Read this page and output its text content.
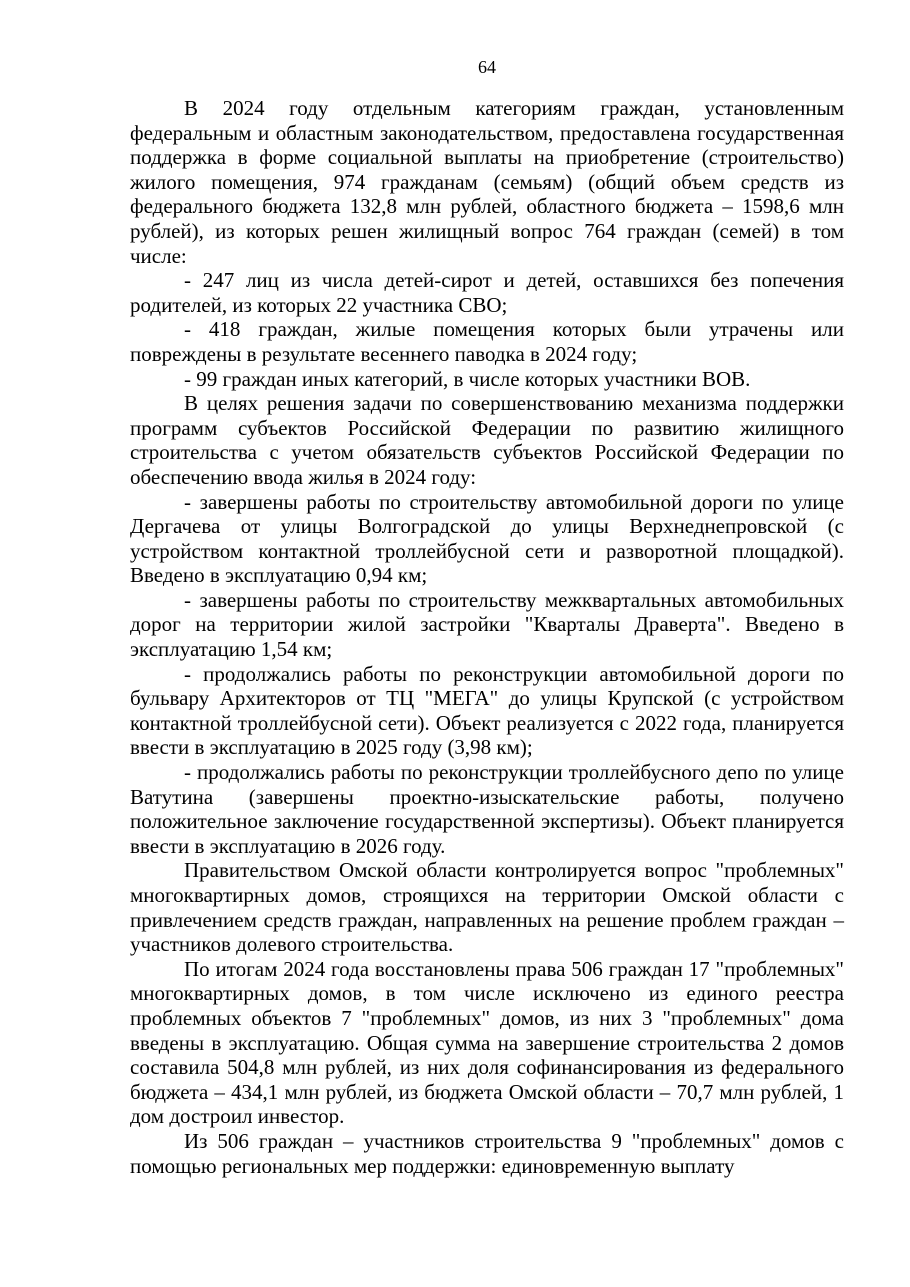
64

В 2024 году отдельным категориям граждан, установленным федеральным и областным законодательством, предоставлена государственная поддержка в форме социальной выплаты на приобретение (строительство) жилого помещения, 974 гражданам (семьям) (общий объем средств из федерального бюджета 132,8 млн рублей, областного бюджета – 1598,6 млн рублей), из которых решен жилищный вопрос 764 граждан (семей) в том числе:

- 247 лиц из числа детей-сирот и детей, оставшихся без попечения родителей, из которых 22 участника СВО;

- 418 граждан, жилые помещения которых были утрачены или повреждены в результате весеннего паводка в 2024 году;

- 99 граждан иных категорий, в числе которых участники ВОВ.

В целях решения задачи по совершенствованию механизма поддержки программ субъектов Российской Федерации по развитию жилищного строительства с учетом обязательств субъектов Российской Федерации по обеспечению ввода жилья в 2024 году:

- завершены работы по строительству автомобильной дороги по улице Дергачева от улицы Волгоградской до улицы Верхнеднепровской (с устройством контактной троллейбусной сети и разворотной площадкой). Введено в эксплуатацию 0,94 км;

- завершены работы по строительству межквартальных автомобильных дорог на территории жилой застройки "Кварталы Драверта". Введено в эксплуатацию 1,54 км;

- продолжались работы по реконструкции автомобильной дороги по бульвару Архитекторов от ТЦ "МЕГА" до улицы Крупской (с устройством контактной троллейбусной сети). Объект реализуется с 2022 года, планируется ввести в эксплуатацию в 2025 году (3,98 км);

- продолжались работы по реконструкции троллейбусного депо по улице Ватутина (завершены проектно-изыскательские работы, получено положительное заключение государственной экспертизы). Объект планируется ввести в эксплуатацию в 2026 году.

Правительством Омской области контролируется вопрос "проблемных" многоквартирных домов, строящихся на территории Омской области с привлечением средств граждан, направленных на решение проблем граждан – участников долевого строительства.

По итогам 2024 года восстановлены права 506 граждан 17 "проблемных" многоквартирных домов, в том числе исключено из единого реестра проблемных объектов 7 "проблемных" домов, из них 3 "проблемных" дома введены в эксплуатацию. Общая сумма на завершение строительства 2 домов составила 504,8 млн рублей, из них доля софинансирования из федерального бюджета – 434,1 млн рублей, из бюджета Омской области – 70,7 млн рублей, 1 дом достроил инвестор.

Из 506 граждан – участников строительства 9 "проблемных" домов с помощью региональных мер поддержки: единовременную выплату
